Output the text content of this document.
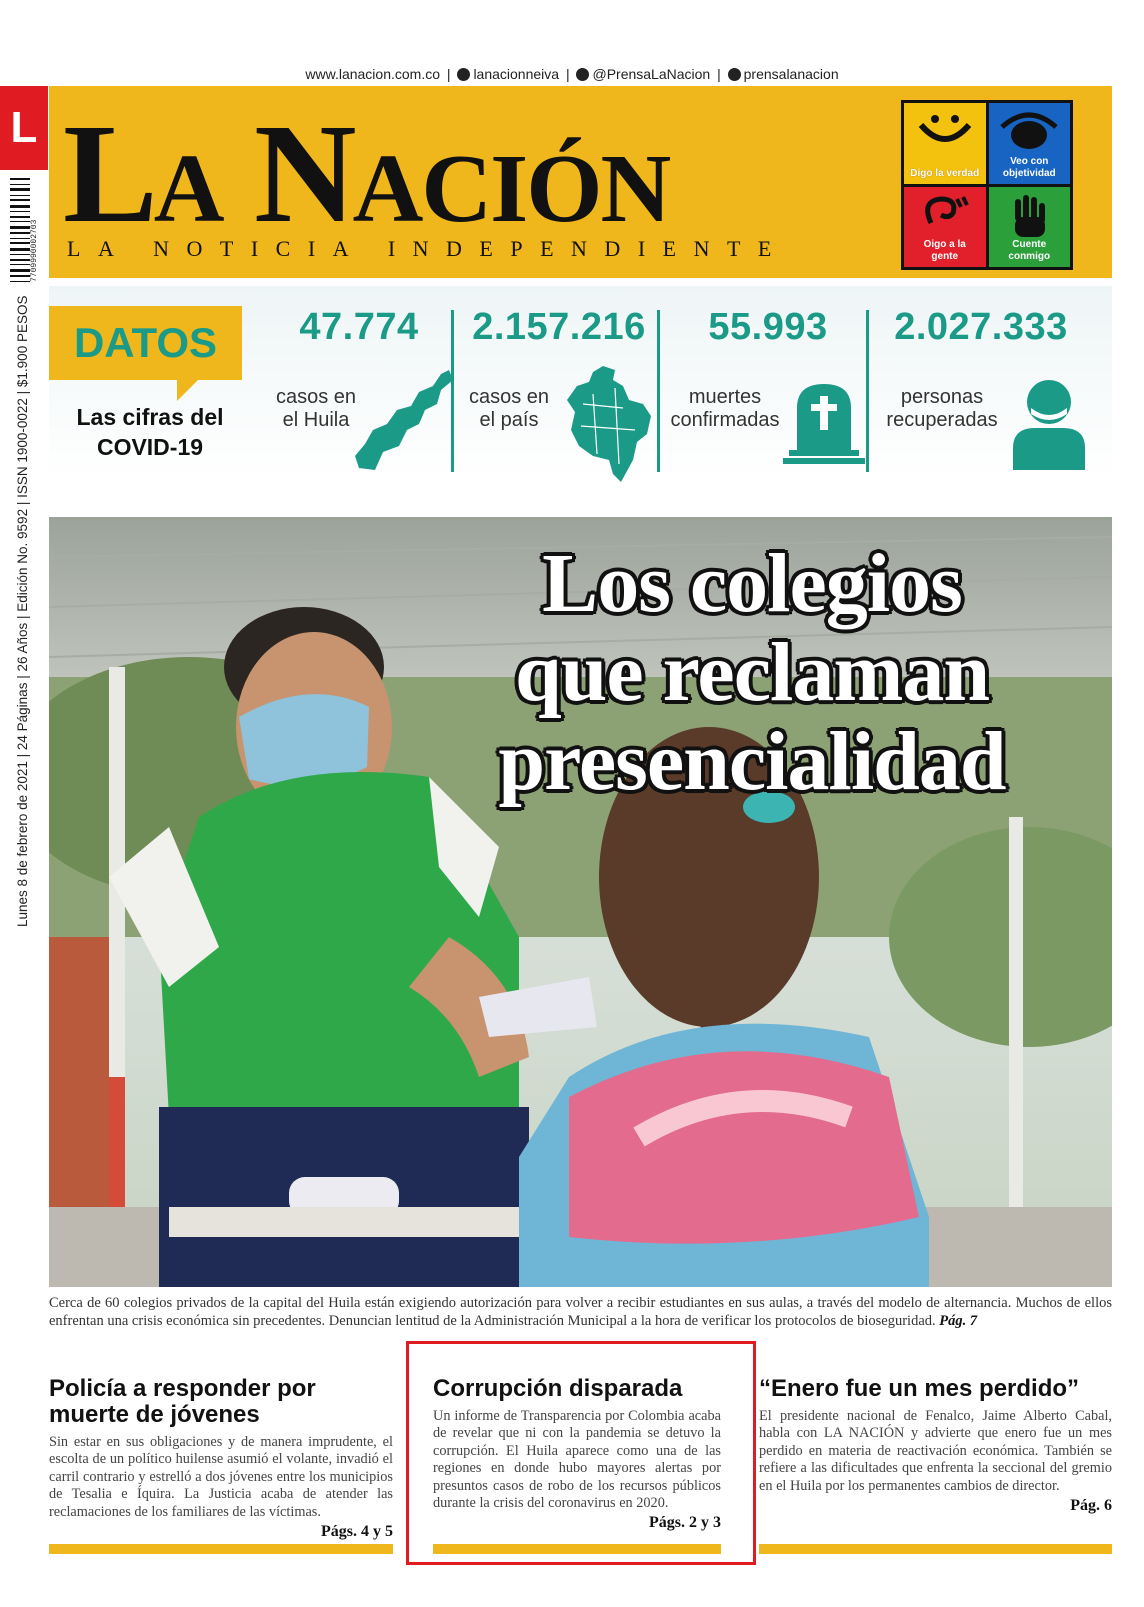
www.lanacion.com.co | lanacionneiva | @PrensaLaNacion | prensalanacion
L
7709990002703
Lunes 8 de febrero de 2021 | 24 Páginas | 26 Años | Edición No. 9592 | ISSN 1900-0022 | $1.900 PESOS
LA NACIÓN
LA NOTICIA INDEPENDIENTE
Digo la verdad
Veo con objetividad
Oigo a la gente
Cuente conmigo
DATOS
Las cifras del
COVID-19
47.774
casos en
el Huila
2.157.216
casos en
el país
55.993
muertes
confirmadas
2.027.333
personas
recuperadas
Los colegios
que reclaman
presencialidad
Cerca de 60 colegios privados de la capital del Huila están exigiendo autorización para volver a recibir estudiantes en sus aulas, a través del modelo de alternancia. Muchos de ellos enfrentan una crisis económica sin precedentes. Denuncian lentitud de la Administración Municipal a la hora de verificar los protocolos de bioseguridad. Pág. 7
Policía a responder por muerte de jóvenes

Sin estar en sus obligaciones y de manera imprudente, el escolta de un político huilense asumió el volante, invadió el carril contrario y estrelló a dos jóvenes entre los municipios de Tesalia e Íquira. La Justicia acaba de atender las reclamaciones de los familiares de las víctimas.

Págs. 4 y 5
Corrupción disparada

Un informe de Transparencia por Colombia acaba de revelar que ni con la pandemia se detuvo la corrupción. El Huila aparece como una de las regiones en donde hubo mayores alertas por presuntos casos de robo de los recursos públicos durante la crisis del coronavirus en 2020.

Págs. 2 y 3
“Enero fue un mes perdido”

El presidente nacional de Fenalco, Jaime Alberto Cabal, habla con LA NACIÓN y advierte que enero fue un mes perdido en materia de reactivación económica. También se refiere a las dificultades que enfrenta la seccional del gremio en el Huila por los permanentes cambios de director.

Pág. 6
